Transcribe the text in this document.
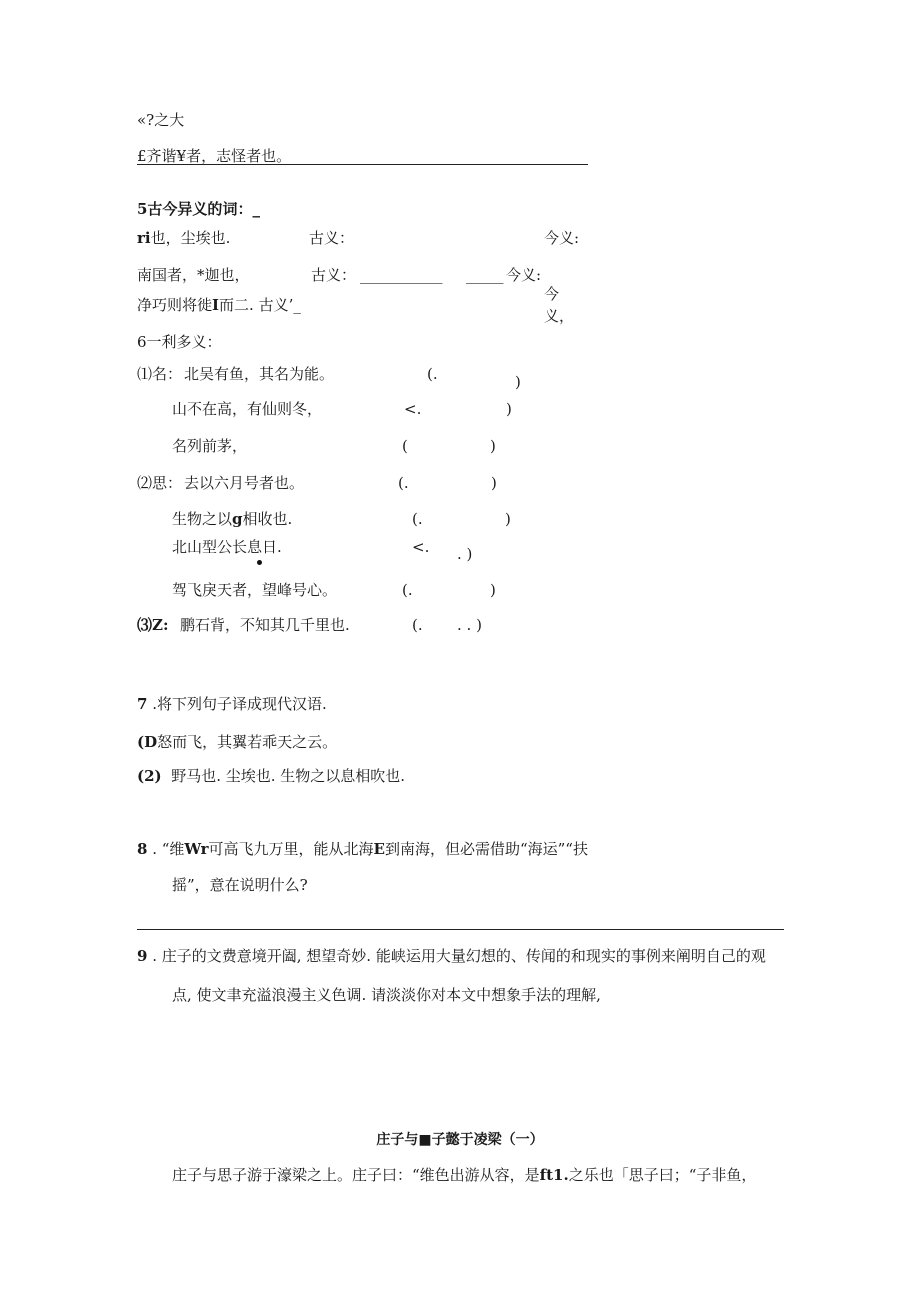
«?之大
£齐谐¥者，志怪者也。
5古今异义的词：_
ri也，尘埃也.	古义：	今义:
南国者，*迦也，	古义： ___________ _____ 今义:
净巧则将徙I而二. 古义’_
今
义，
6一利多义：
⑴名： 北吴有鱼，其名为能。	(.	)
山不在高，有仙则冬，	<.	)
名列前茅，	(	)
⑵思： 去以六月号者也。	(.	)
生物之以g相收也.	(.	)
北山型公长息日.	<. . )
驾飞戾天者，望峰号心。	(.	)
⑶Z: 鹏石背，不知其几千里也.	(. . . )
7 .将下列句子译成现代汉语.
(D怒而飞，其翼若乖天之云。
(2) 野马也. 尘埃也. 生物之以息相吹也.
8 . “维Wr可高飞九万里，能从北海E到南海，但必需借助“海运”“扶
摇”，意在说明什么?
9 . 庄子的文费意境开阖, 想望奇妙. 能峡运用大量幻想的、传闻的和现实的事例来阐明自己的观
点, 使文聿充溢浪漫主义色调. 请淡淡你对本文中想象手法的理解,
庄子与■子懿于凌梁（一）
庄子与思子游于濠梁之上。庄子曰：“维色出游从容，是ft1.之乐也「思子曰；“子非鱼，
